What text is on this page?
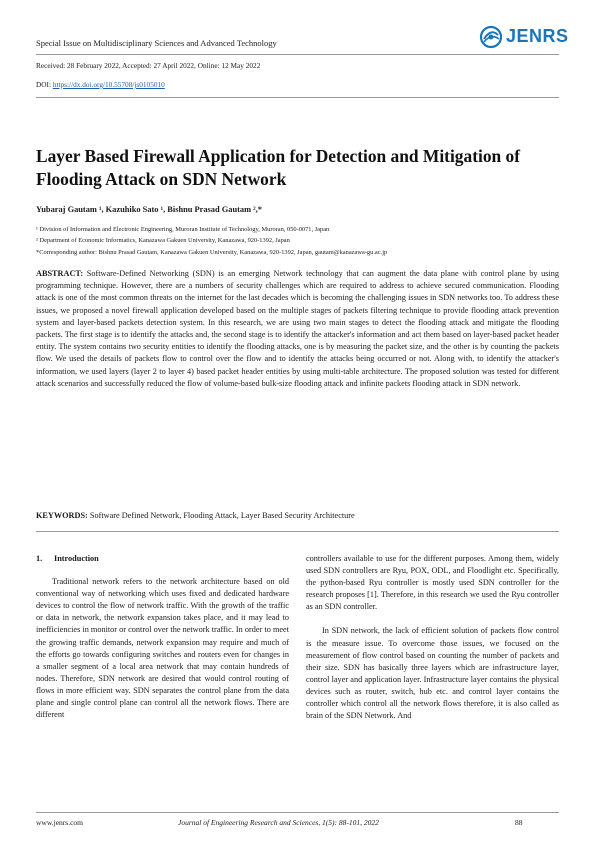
Special Issue on Multidisciplinary Sciences and Advanced Technology	JENRS
Received: 28 February 2022, Accepted: 27 April 2022, Online: 12 May 2022
DOI: https://dx.doi.org/10.55708/js0105010
Layer Based Firewall Application for Detection and Mitigation of Flooding Attack on SDN Network
Yubaraj Gautam ¹, Kazuhiko Sato ¹, Bishnu Prasad Gautam ²,*
¹ Division of Information and Electronic Engineering, Muroran Institute of Technology, Muroran, 050-0071, Japan
² Department of Economic Informatics, Kanazawa Gakuen University, Kanazawa, 920-1392, Japan
*Corresponding author: Bishnu Prasad Gautam, Kanazawa Gakuen University, Kanazawa, 920-1392, Japan, gautam@kanazawa-gu.ac.jp
ABSTRACT: Software-Defined Networking (SDN) is an emerging Network technology that can augment the data plane with control plane by using programming technique. However, there are a numbers of security challenges which are required to address to achieve secured communication. Flooding attack is one of the most common threats on the internet for the last decades which is becoming the challenging issues in SDN networks too. To address these issues, we proposed a novel firewall application developed based on the multiple stages of packets filtering technique to provide flooding attack prevention system and layer-based packets detection system. In this research, we are using two main stages to detect the flooding attack and mitigate the flooding packets. The first stage is to identify the attacks and, the second stage is to identify the attacker's information and act them based on layer-based packet header entity. The system contains two security entities to identify the flooding attacks, one is by measuring the packet size, and the other is by counting the packets flow. We used the details of packets flow to control over the flow and to identify the attacks being occurred or not. Along with, to identify the attacker's information, we used layers (layer 2 to layer 4) based packet header entities by using multi-table architecture. The proposed solution was tested for different attack scenarios and successfully reduced the flow of volume-based bulk-size flooding attack and infinite packets flooding attack in SDN network.
KEYWORDS: Software Defined Network, Flooding Attack, Layer Based Security Architecture
1. Introduction

Traditional network refers to the network architecture based on old conventional way of networking which uses fixed and dedicated hardware devices to control the flow of network traffic. With the growth of the traffic or data in network, the network expansion takes place, and it may lead to inefficiencies in monitor or control over the network traffic. In order to meet the growing traffic demands, network expansion may require and much of the efforts go towards configuring switches and routers even for changes in a smaller segment of a local area network that may contain hundreds of nodes. Therefore, SDN network are desired that would control routing of flows in more efficient way. SDN separates the control plane from the data plane and single control plane can control all the network flows. There are different

controllers available to use for the different purposes. Among them, widely used SDN controllers are Ryu, POX, ODL, and Floodlight etc. Specifically, the python-based Ryu controller is mostly used SDN controller for the research proposes [1]. Therefore, in this research we used the Ryu controller as an SDN controller.

In SDN network, the lack of efficient solution of packets flow control is the measure issue. To overcome those issues, we focused on the measurement of flow control based on counting the number of packets and their size. SDN has basically three layers which are infrastructure layer, control layer and application layer. Infrastructure layer contains the physical devices such as router, switch, hub etc. and control layer contains the controller which control all the network flows therefore, it is also called as brain of the SDN Network. And

www.jenrs.com	Journal of Engineering Research and Sciences, 1(5): 88-101, 2022	88
